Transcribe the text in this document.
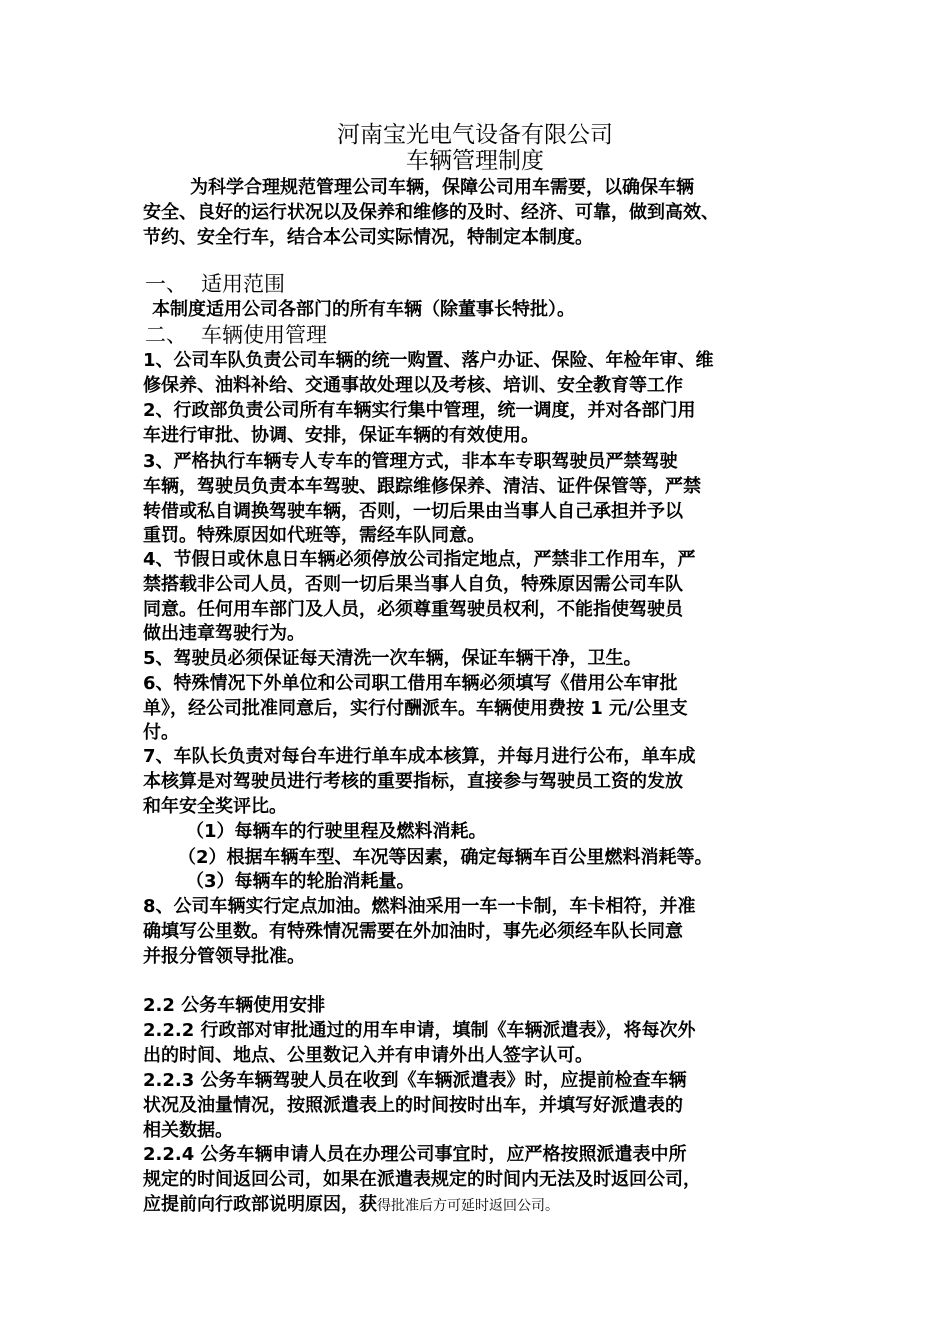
河南宝光电气设备有限公司
车辆管理制度
为科学合理规范管理公司车辆，保障公司用车需要，以确保车辆
安全、良好的运行状况以及保养和维修的及时、经济、可靠，做到高效、
节约、安全行车，结合本公司实际情况，特制定本制度。
一、 适用范围
本制度适用公司各部门的所有车辆（除董事长特批）。
二、 车辆使用管理
1、公司车队负责公司车辆的统一购置、落户办证、保险、年检年审、维
修保养、油料补给、交通事故处理以及考核、培训、安全教育等工作
2、行政部负责公司所有车辆实行集中管理，统一调度，并对各部门用
车进行审批、协调、安排，保证车辆的有效使用。
3、严格执行车辆专人专车的管理方式，非本车专职驾驶员严禁驾驶
车辆，驾驶员负责本车驾驶、跟踪维修保养、清洁、证件保管等，严禁
转借或私自调换驾驶车辆，否则，一切后果由当事人自己承担并予以
重罚。特殊原因如代班等，需经车队同意。
4、节假日或休息日车辆必须停放公司指定地点，严禁非工作用车，严
禁搭载非公司人员，否则一切后果当事人自负，特殊原因需公司车队
同意。任何用车部门及人员，必须尊重驾驶员权利，不能指使驾驶员
做出违章驾驶行为。
5、驾驶员必须保证每天清洗一次车辆，保证车辆干净，卫生。
6、特殊情况下外单位和公司职工借用车辆必须填写《借用公车审批
单》，经公司批准同意后，实行付酬派车。车辆使用费按 1 元/公里支
付。
7、车队长负责对每台车进行单车成本核算，并每月进行公布，单车成
本核算是对驾驶员进行考核的重要指标，直接参与驾驶员工资的发放
和年安全奖评比。
（1）每辆车的行驶里程及燃料消耗。
（2）根据车辆车型、车况等因素，确定每辆车百公里燃料消耗等。
（3）每辆车的轮胎消耗量。
8、公司车辆实行定点加油。燃料油采用一车一卡制，车卡相符，并准
确填写公里数。有特殊情况需要在外加油时，事先必须经车队长同意
并报分管领导批准。
2.2 公务车辆使用安排
2.2.2 行政部对审批通过的用车申请，填制《车辆派遣表》，将每次外
出的时间、地点、公里数记入并有申请外出人签字认可。
2.2.3 公务车辆驾驶人员在收到《车辆派遣表》时，应提前检查车辆
状况及油量情况，按照派遣表上的时间按时出车，并填写好派遣表的
相关数据。
2.2.4 公务车辆申请人员在办理公司事宜时，应严格按照派遣表中所
规定的时间返回公司，如果在派遣表规定的时间内无法及时返回公司，
应提前向行政部说明原因，获得批准后方可延时返回公司。
